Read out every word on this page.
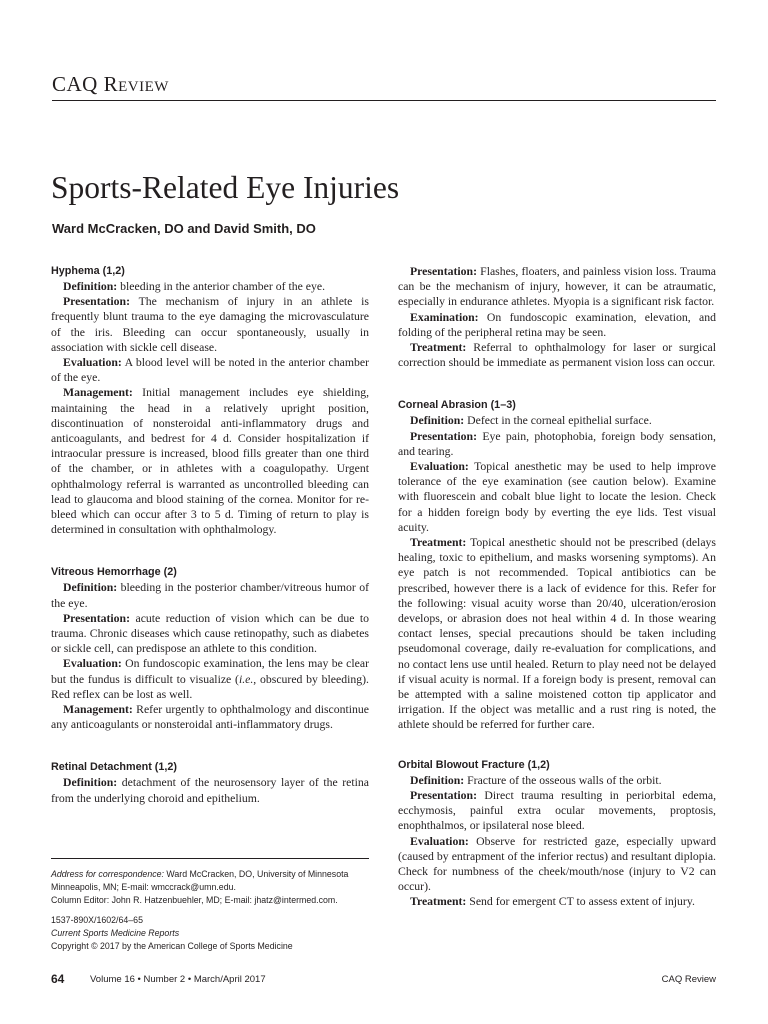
CAQ Review
Sports-Related Eye Injuries
Ward McCracken, DO and David Smith, DO

Hyphema (1,2)

Definition: bleeding in the anterior chamber of the eye.

Presentation: The mechanism of injury in an athlete is frequently blunt trauma to the eye damaging the microvasculature of the iris. Bleeding can occur spontaneously, usually in association with sickle cell disease.

Evaluation: A blood level will be noted in the anterior chamber of the eye.

Management: Initial management includes eye shielding, maintaining the head in a relatively upright position, discontinuation of nonsteroidal anti-inflammatory drugs and anticoagulants, and bedrest for 4 d. Consider hospitalization if intraocular pressure is increased, blood fills greater than one third of the chamber, or in athletes with a coagulopathy. Urgent ophthalmology referral is warranted as uncontrolled bleeding can lead to glaucoma and blood staining of the cornea. Monitor for re-bleed which can occur after 3 to 5 d. Timing of return to play is determined in consultation with ophthalmology.

Vitreous Hemorrhage (2)

Definition: bleeding in the posterior chamber/vitreous humor of the eye.

Presentation: acute reduction of vision which can be due to trauma. Chronic diseases which cause retinopathy, such as diabetes or sickle cell, can predispose an athlete to this condition.

Evaluation: On fundoscopic examination, the lens may be clear but the fundus is difficult to visualize (i.e., obscured by bleeding). Red reflex can be lost as well.

Management: Refer urgently to ophthalmology and discontinue any anticoagulants or nonsteroidal anti-inflammatory drugs.

Retinal Detachment (1,2)

Definition: detachment of the neurosensory layer of the retina from the underlying choroid and epithelium.

Presentation: Flashes, floaters, and painless vision loss. Trauma can be the mechanism of injury, however, it can be atraumatic, especially in endurance athletes. Myopia is a significant risk factor.

Examination: On fundoscopic examination, elevation, and folding of the peripheral retina may be seen.

Treatment: Referral to ophthalmology for laser or surgical correction should be immediate as permanent vision loss can occur.

Corneal Abrasion (1–3)

Definition: Defect in the corneal epithelial surface.

Presentation: Eye pain, photophobia, foreign body sensation, and tearing.

Evaluation: Topical anesthetic may be used to help improve tolerance of the eye examination (see caution below). Examine with fluorescein and cobalt blue light to locate the lesion. Check for a hidden foreign body by everting the eye lids. Test visual acuity.

Treatment: Topical anesthetic should not be prescribed (delays healing, toxic to epithelium, and masks worsening symptoms). An eye patch is not recommended. Topical antibiotics can be prescribed, however there is a lack of evidence for this. Refer for the following: visual acuity worse than 20/40, ulceration/erosion develops, or abrasion does not heal within 4 d. In those wearing contact lenses, special precautions should be taken including pseudomonal coverage, daily re-evaluation for complications, and no contact lens use until healed. Return to play need not be delayed if visual acuity is normal. If a foreign body is present, removal can be attempted with a saline moistened cotton tip applicator and irrigation. If the object was metallic and a rust ring is noted, the athlete should be referred for further care.

Orbital Blowout Fracture (1,2)

Definition: Fracture of the osseous walls of the orbit.

Presentation: Direct trauma resulting in periorbital edema, ecchymosis, painful extra ocular movements, proptosis, enophthalmos, or ipsilateral nose bleed.

Evaluation: Observe for restricted gaze, especially upward (caused by entrapment of the inferior rectus) and resultant diplopia. Check for numbness of the cheek/mouth/nose (injury to V2 can occur).

Treatment: Send for emergent CT to assess extent of injury.

Address for correspondence: Ward McCracken, DO, University of Minnesota Minneapolis, MN; E-mail: wmccrack@umn.edu.

Column Editor: John R. Hatzenbuehler, MD; E-mail: jhatz@intermed.com.

1537-890X/1602/64–65

Current Sports Medicine Reports

Copyright © 2017 by the American College of Sports Medicine

64	Volume 16 • Number 2 • March/April 2017	CAQ Review
